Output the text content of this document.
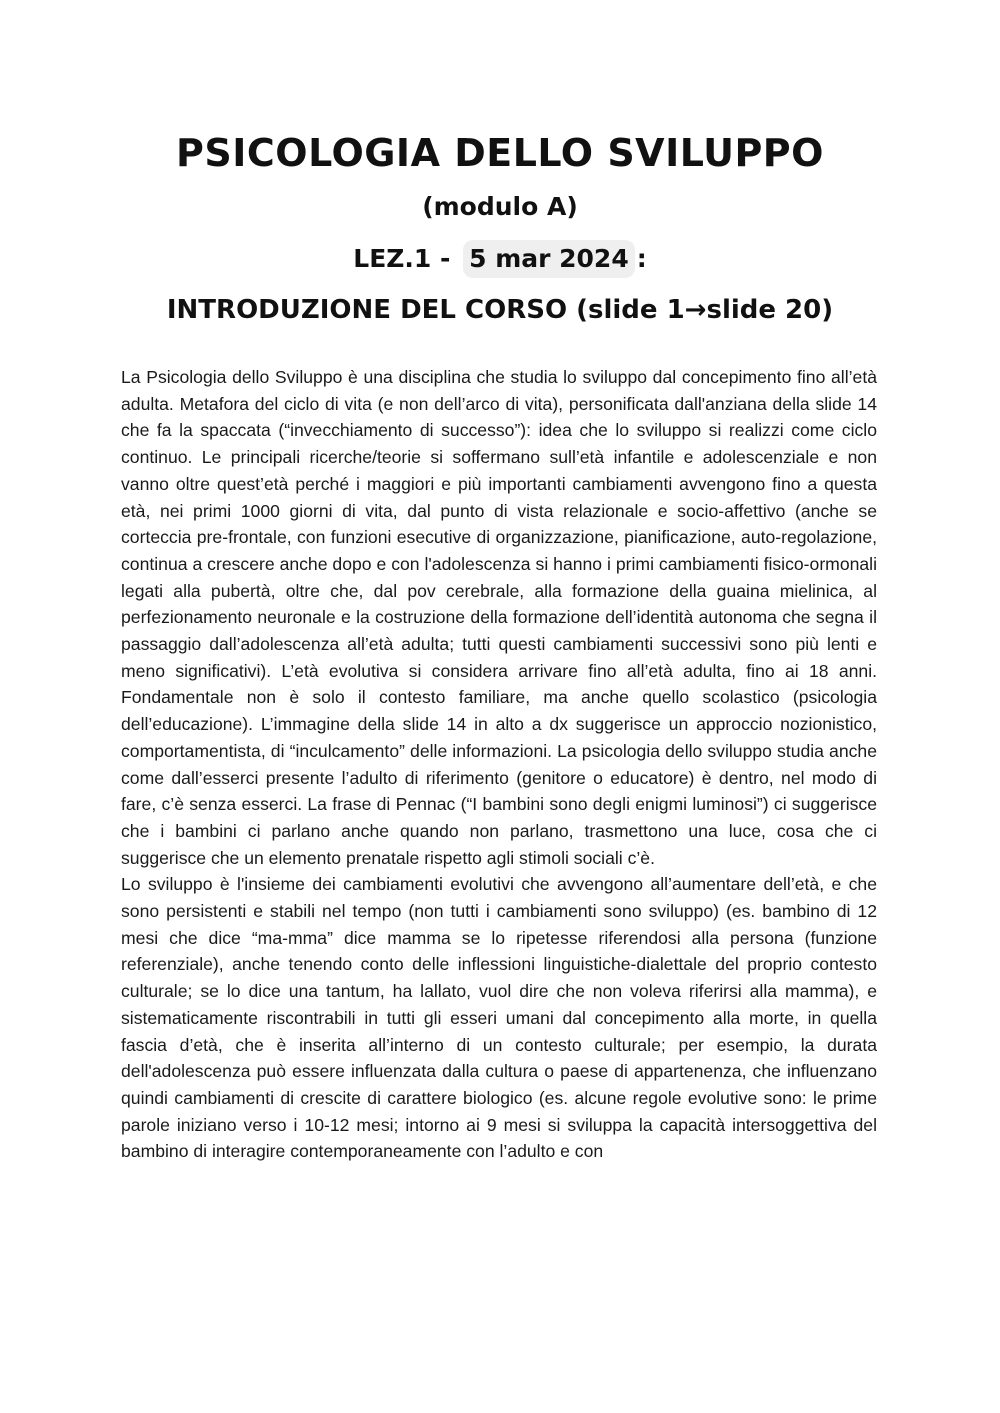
PSICOLOGIA DELLO SVILUPPO
(modulo A)
LEZ.1 - 5 mar 2024 :
INTRODUZIONE DEL CORSO (slide 1→slide 20)

La Psicologia dello Sviluppo è una disciplina che studia lo sviluppo dal concepimento fino all’età adulta. Metafora del ciclo di vita (e non dell’arco di vita), personificata dall'anziana della slide 14 che fa la spaccata (“invecchiamento di successo”): idea che lo sviluppo si realizzi come ciclo continuo. Le principali ricerche/teorie si soffermano sull’età infantile e adolescenziale e non vanno oltre quest’età perché i maggiori e più importanti cambiamenti avvengono fino a questa età, nei primi 1000 giorni di vita, dal punto di vista relazionale e socio-affettivo (anche se corteccia pre-frontale, con funzioni esecutive di organizzazione, pianificazione, auto-regolazione, continua a crescere anche dopo e con l'adolescenza si hanno i primi cambiamenti fisico-ormonali legati alla pubertà, oltre che, dal pov cerebrale, alla formazione della guaina mielinica, al perfezionamento neuronale e la costruzione della formazione dell’identità autonoma che segna il passaggio dall’adolescenza all’età adulta; tutti questi cambiamenti successivi sono più lenti e meno significativi). L’età evolutiva si considera arrivare fino all’età adulta, fino ai 18 anni. Fondamentale non è solo il contesto familiare, ma anche quello scolastico (psicologia dell’educazione). L’immagine della slide 14 in alto a dx suggerisce un approccio nozionistico, comportamentista, di “inculcamento” delle informazioni. La psicologia dello sviluppo studia anche come dall’esserci presente l’adulto di riferimento (genitore o educatore) è dentro, nel modo di fare, c’è senza esserci. La frase di Pennac (“I bambini sono degli enigmi luminosi”) ci suggerisce che i bambini ci parlano anche quando non parlano, trasmettono una luce, cosa che ci suggerisce che un elemento prenatale rispetto agli stimoli sociali c’è.

Lo sviluppo è l'insieme dei cambiamenti evolutivi che avvengono all’aumentare dell’età, e che sono persistenti e stabili nel tempo (non tutti i cambiamenti sono sviluppo) (es. bambino di 12 mesi che dice “ma-mma” dice mamma se lo ripetesse riferendosi alla persona (funzione referenziale), anche tenendo conto delle inflessioni linguistiche-dialettale del proprio contesto culturale; se lo dice una tantum, ha lallato, vuol dire che non voleva riferirsi alla mamma), e sistematicamente riscontrabili in tutti gli esseri umani dal concepimento alla morte, in quella fascia d’età, che è inserita all’interno di un contesto culturale; per esempio, la durata dell'adolescenza può essere influenzata dalla cultura o paese di appartenenza, che influenzano quindi cambiamenti di crescite di carattere biologico (es. alcune regole evolutive sono: le prime parole iniziano verso i 10-12 mesi; intorno ai 9 mesi si sviluppa la capacità intersoggettiva del bambino di interagire contemporaneamente con l’adulto e con
